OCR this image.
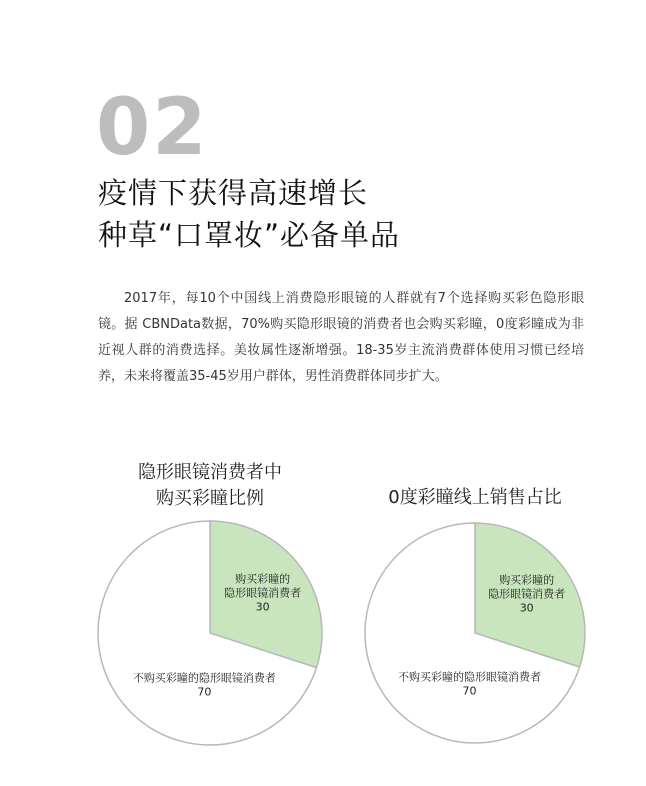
02
疫情下获得高速增长
种草“口罩妆”必备单品
2017年，每10个中国线上消费隐形眼镜的人群就有7个选择购买彩色隐形眼镜。据 CBNData数据，70%购买隐形眼镜的消费者也会购买彩瞳，0度彩瞳成为非近视人群的消费选择。美妆属性逐渐增强。18-35岁主流消费群体使用习惯已经培养，未来将覆盖35-45岁用户群体，男性消费群体同步扩大。
隐形眼镜消费者中
购买彩瞳比例	0度彩瞳线上销售占比
购买彩瞳的隐形眼镜消费者 30
不购买彩瞳的隐形眼镜消费者 70
购买彩瞳的隐形眼镜消费者 30
不购买彩瞳的隐形眼镜消费者 70
